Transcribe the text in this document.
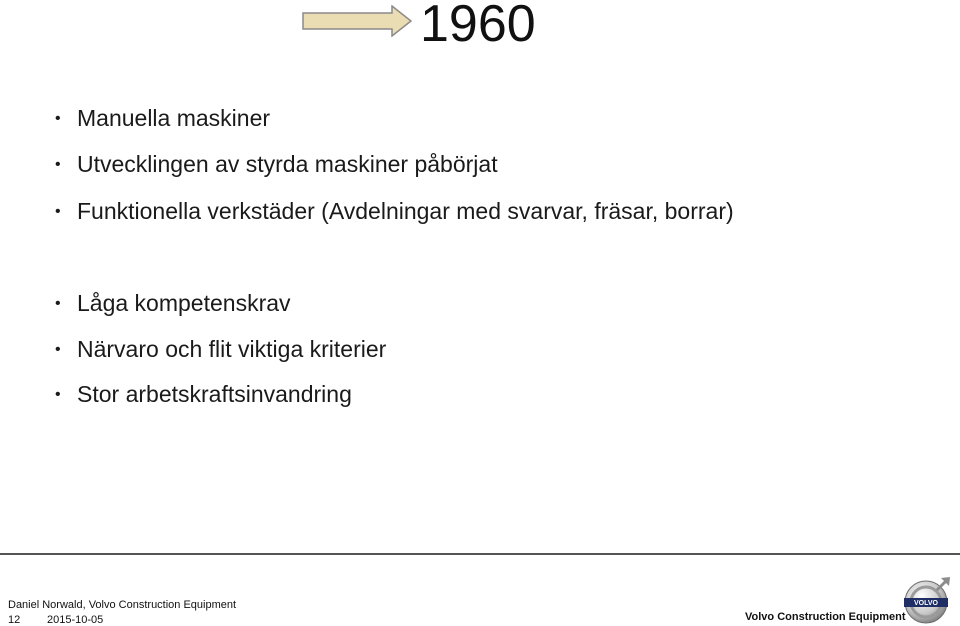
1960
• Manuella maskiner
• Utvecklingen av styrda maskiner påbörjat
• Funktionella verkstäder (Avdelningar med svarvar, fräsar, borrar)
• Låga kompetenskrav
• Närvaro och flit viktiga kriterier
• Stor arbetskraftsinvandring
Daniel Norwald, Volvo Construction Equipment
12 2015-10-05	Volvo Construction Equipment
VOLVO
